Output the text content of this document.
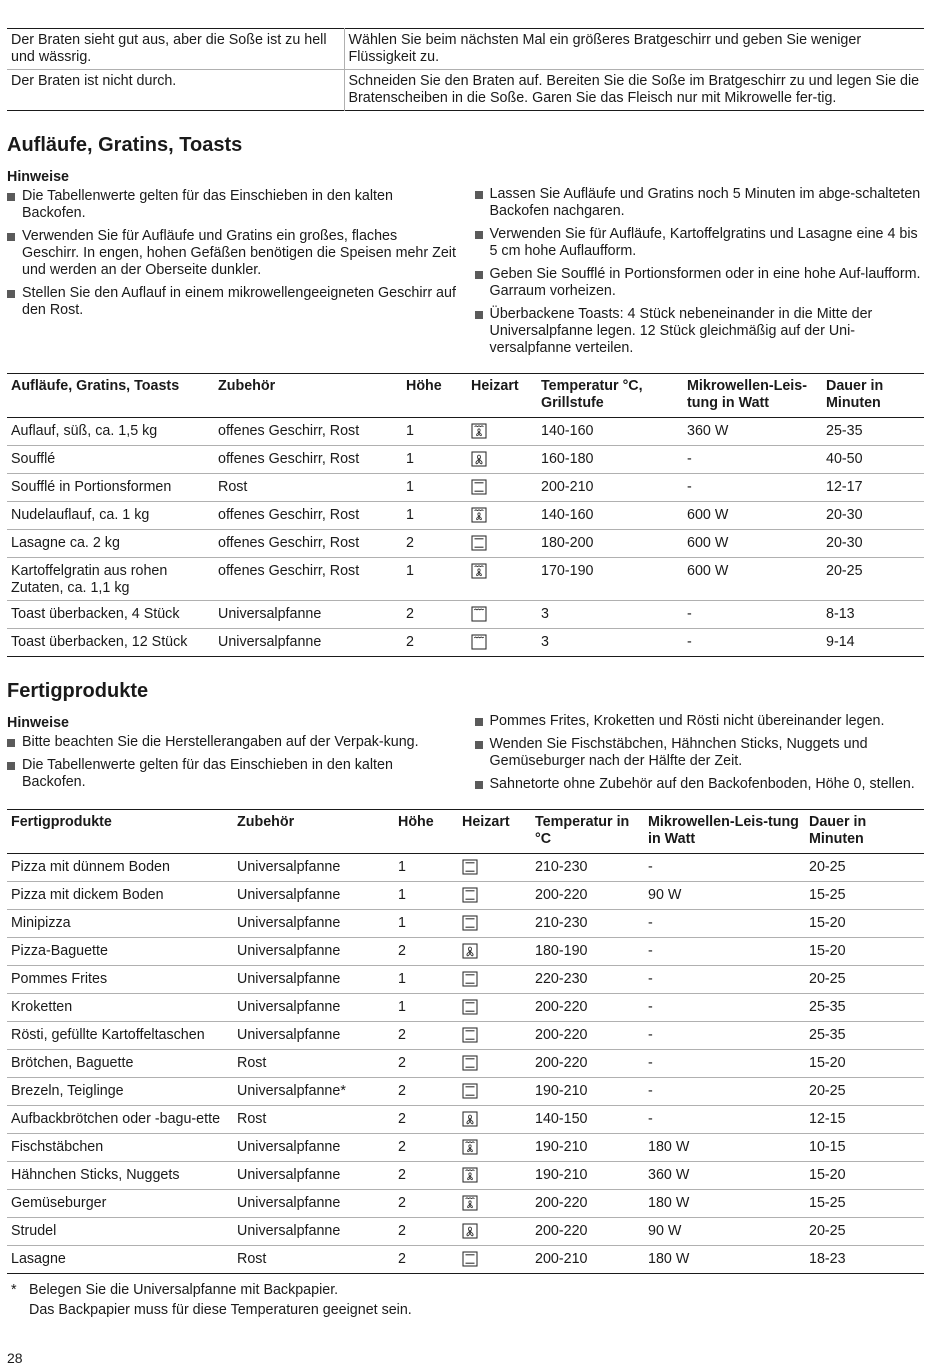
Der Braten sieht gut aus, aber die Soße ist zu hell und wässrig.	Wählen Sie beim nächsten Mal ein größeres Bratgeschirr und geben Sie weniger Flüssigkeit zu.
Der Braten ist nicht durch.	Schneiden Sie den Braten auf. Bereiten Sie die Soße im Bratgeschirr zu und legen Sie die Bratenscheiben in die Soße. Garen Sie das Fleisch nur mit Mikrowelle fer-tig.
Aufläufe, Gratins, Toasts
Hinweise
Die Tabellenwerte gelten für das Einschieben in den kalten Backofen.
Verwenden Sie für Aufläufe und Gratins ein großes, flaches Geschirr. In engen, hohen Gefäßen benötigen die Speisen mehr Zeit und werden an der Oberseite dunkler.
Stellen Sie den Auflauf in einem mikrowellengeeigneten Geschirr auf den Rost.
Lassen Sie Aufläufe und Gratins noch 5 Minuten im abge-schalteten Backofen nachgaren.
Verwenden Sie für Aufläufe, Kartoffelgratins und Lasagne eine 4 bis 5 cm hohe Auflaufform.
Geben Sie Soufflé in Portionsformen oder in eine hohe Auf-laufform. Garraum vorheizen.
Überbackene Toasts: 4 Stück nebeneinander in die Mitte der Universalpfanne legen. 12 Stück gleichmäßig auf der Uni-versalpfanne verteilen.
Aufläufe, Gratins, Toasts	Zubehör	Höhe	Heizart	Temperatur °C, Grillstufe	Mikrowellen-Leis-tung in Watt	Dauer in Minuten
Auflauf, süß, ca. 1,5 kg	offenes Geschirr, Rost	1		140-160	360 W	25-35
Soufflé	offenes Geschirr, Rost	1		160-180	-	40-50
Soufflé in Portionsformen	Rost	1		200-210	-	12-17
Nudelauflauf, ca. 1 kg	offenes Geschirr, Rost	1		140-160	600 W	20-30
Lasagne ca. 2 kg	offenes Geschirr, Rost	2		180-200	600 W	20-30
Kartoffelgratin aus rohen Zutaten, ca. 1,1 kg	offenes Geschirr, Rost	1		170-190	600 W	20-25
Toast überbacken, 4 Stück	Universalpfanne	2		3	-	8-13
Toast überbacken, 12 Stück	Universalpfanne	2		3	-	9-14
Fertigprodukte
Hinweise
Bitte beachten Sie die Herstellerangaben auf der Verpak-kung.
Die Tabellenwerte gelten für das Einschieben in den kalten Backofen.
Pommes Frites, Kroketten und Rösti nicht übereinander legen.
Wenden Sie Fischstäbchen, Hähnchen Sticks, Nuggets und Gemüseburger nach der Hälfte der Zeit.
Sahnetorte ohne Zubehör auf den Backofenboden, Höhe 0, stellen.
Fertigprodukte	Zubehör	Höhe	Heizart	Temperatur in °C	Mikrowellen-Leis-tung in Watt	Dauer in Minuten
Pizza mit dünnem Boden	Universalpfanne	1		210-230	-	20-25
Pizza mit dickem Boden	Universalpfanne	1		200-220	90 W	15-25
Minipizza	Universalpfanne	1		210-230	-	15-20
Pizza-Baguette	Universalpfanne	2		180-190	-	15-20
Pommes Frites	Universalpfanne	1		220-230	-	20-25
Kroketten	Universalpfanne	1		200-220	-	25-35
Rösti, gefüllte Kartoffeltaschen	Universalpfanne	2		200-220	-	25-35
Brötchen, Baguette	Rost	2		200-220	-	15-20
Brezeln, Teiglinge	Universalpfanne*	2		190-210	-	20-25
Aufbackbrötchen oder -bagu-ette	Rost	2		140-150	-	12-15
Fischstäbchen	Universalpfanne	2		190-210	180 W	10-15
Hähnchen Sticks, Nuggets	Universalpfanne	2		190-210	360 W	15-20
Gemüseburger	Universalpfanne	2		200-220	180 W	15-25
Strudel	Universalpfanne	2		200-220	90 W	20-25
Lasagne	Rost	2		200-210	180 W	18-23
* Belegen Sie die Universalpfanne mit Backpapier.
Das Backpapier muss für diese Temperaturen geeignet sein.
28
